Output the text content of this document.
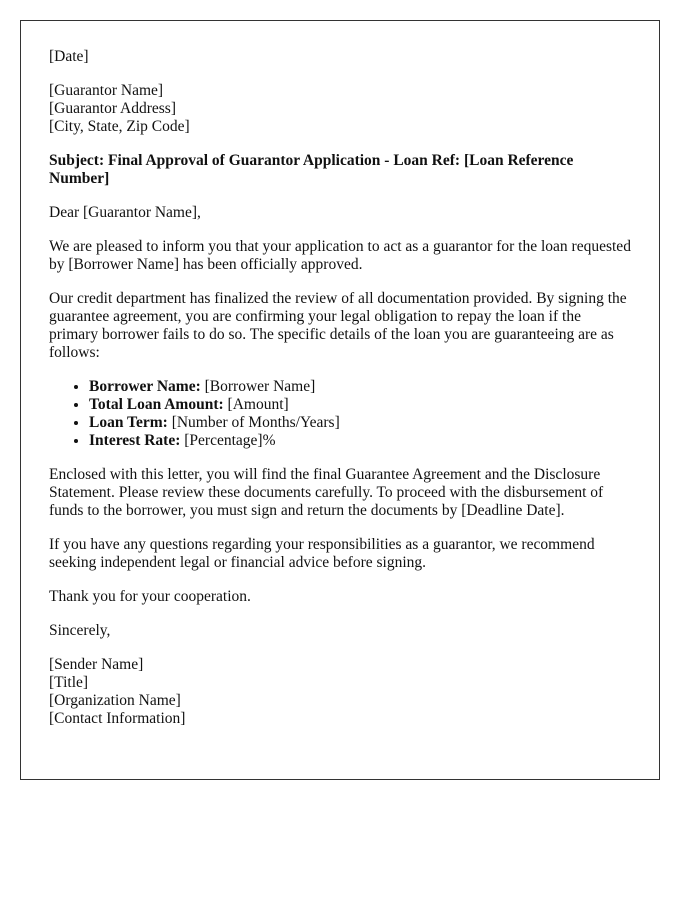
[Date]

[Guarantor Name]
[Guarantor Address]
[City, State, Zip Code]

Subject: Final Approval of Guarantor Application - Loan Ref: [Loan Reference Number]

Dear [Guarantor Name],

We are pleased to inform you that your application to act as a guarantor for the loan requested by [Borrower Name] has been officially approved.

Our credit department has finalized the review of all documentation provided. By signing the guarantee agreement, you are confirming your legal obligation to repay the loan if the primary borrower fails to do so. The specific details of the loan you are guaranteeing are as follows:

• Borrower Name: [Borrower Name]
• Total Loan Amount: [Amount]
• Loan Term: [Number of Months/Years]
• Interest Rate: [Percentage]%

Enclosed with this letter, you will find the final Guarantee Agreement and the Disclosure Statement. Please review these documents carefully. To proceed with the disbursement of funds to the borrower, you must sign and return the documents by [Deadline Date].

If you have any questions regarding your responsibilities as a guarantor, we recommend seeking independent legal or financial advice before signing.

Thank you for your cooperation.

Sincerely,

[Sender Name]
[Title]
[Organization Name]
[Contact Information]
